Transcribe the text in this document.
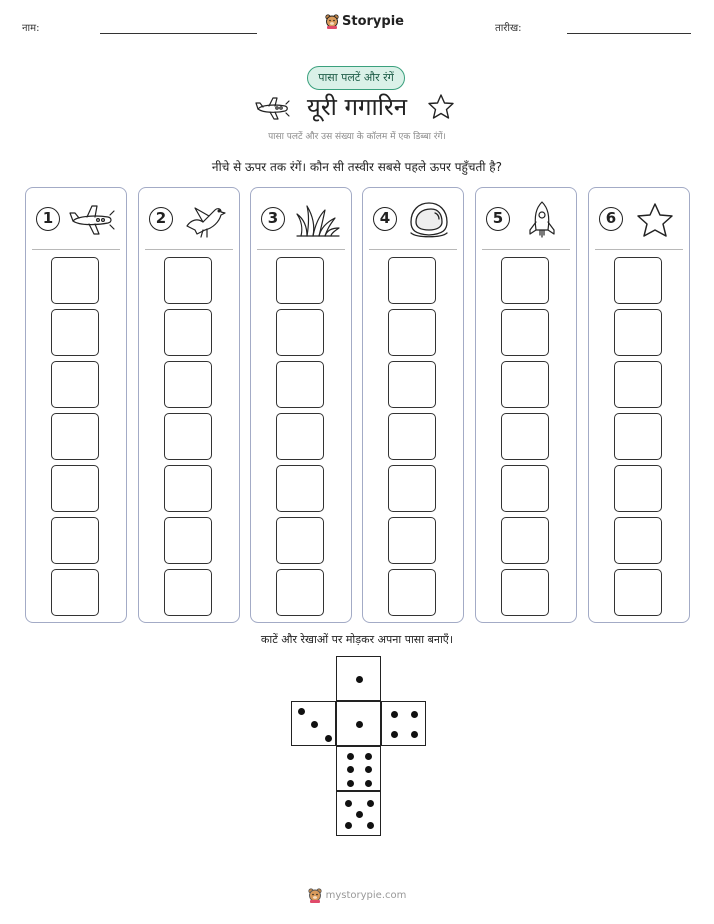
नाम:	Storypie	तारीख:
पासा पलटें और रंगें
यूरी गगारिन
पासा पलटें और उस संख्या के कॉलम में एक डिब्बा रंगें।
नीचे से ऊपर तक रंगें। कौन सी तस्वीर सबसे पहले ऊपर पहुँचती है?
1	2	3	4	5	6
काटें और रेखाओं पर मोड़कर अपना पासा बनाएँ।
mystorypie.com
